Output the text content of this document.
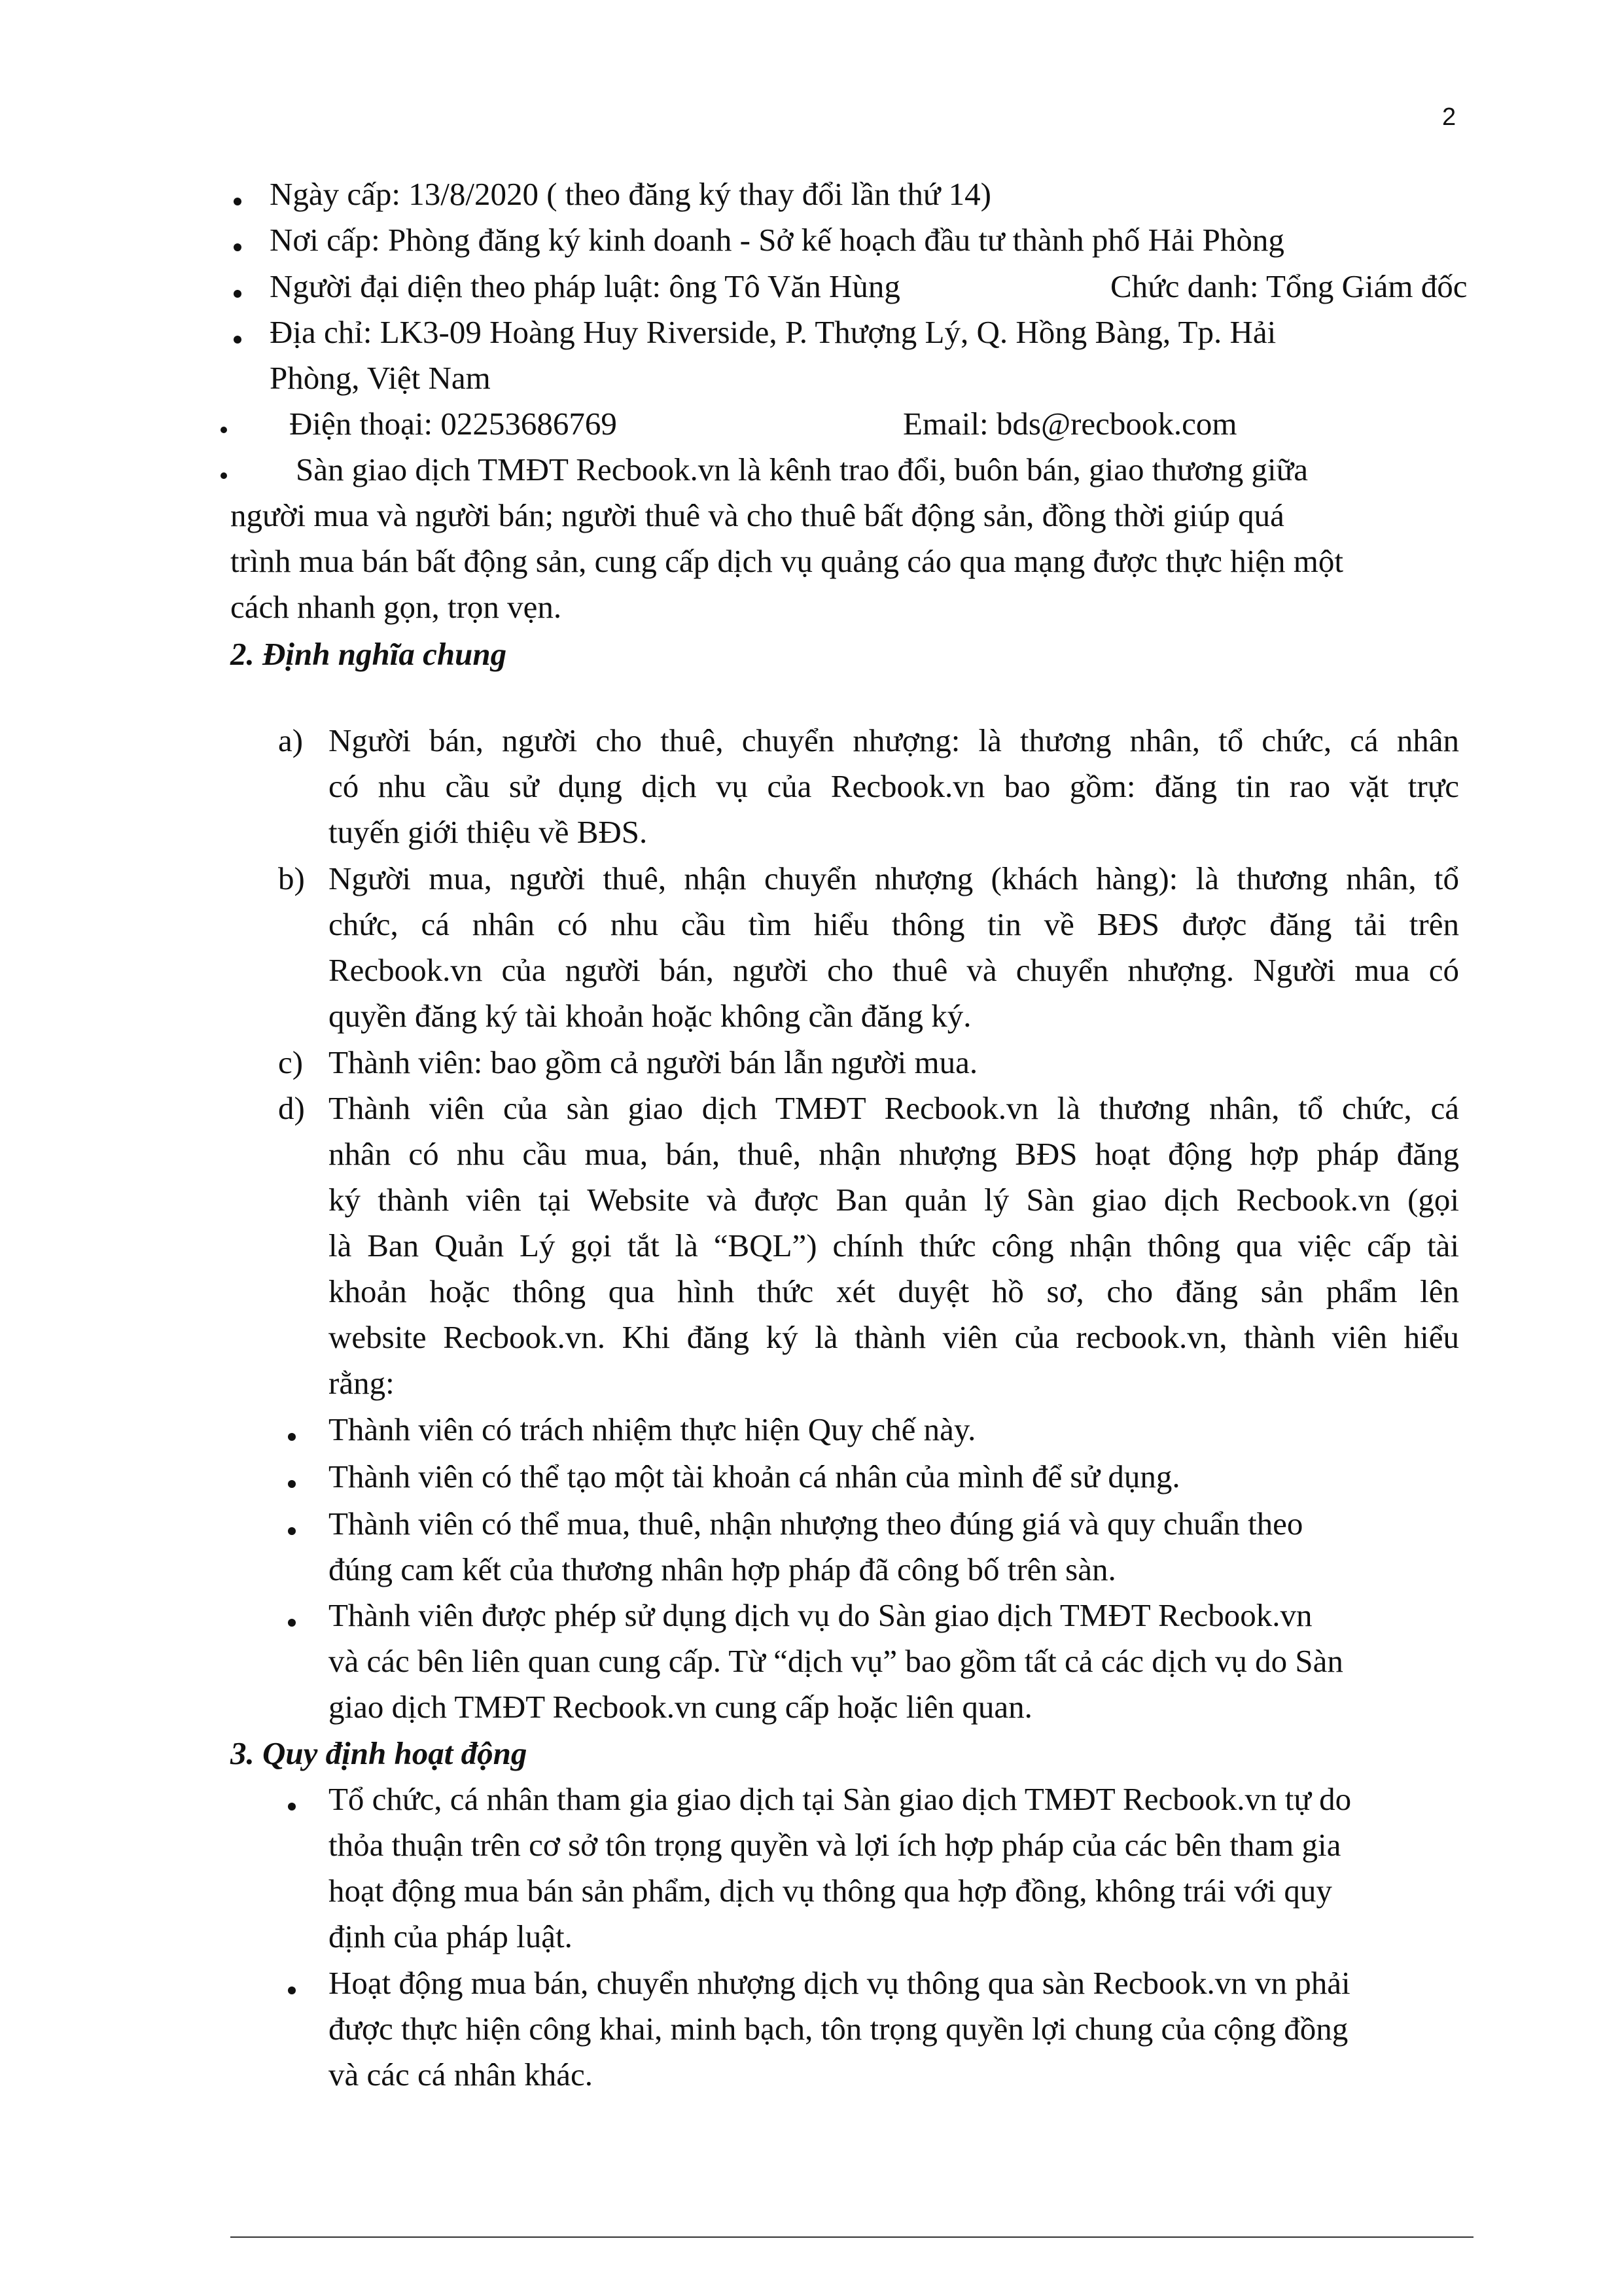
2
Ngày cấp: 13/8/2020 ( theo đăng ký thay đổi lần thứ 14)
Nơi cấp: Phòng đăng ký kinh doanh - Sở kế hoạch đầu tư thành phố Hải Phòng
Người đại diện theo pháp luật: ông Tô Văn Hùng	Chức danh: Tổng Giám đốc
Địa chỉ: LK3-09 Hoàng Huy Riverside, P. Thượng Lý, Q. Hồng Bàng, Tp. Hải
Phòng, Việt Nam
Điện thoại: 02253686769	Email: bds@recbook.com
Sàn giao dịch TMĐT Recbook.vn là kênh trao đổi, buôn bán, giao thương giữa
người mua và người bán; người thuê và cho thuê bất động sản, đồng thời giúp quá
trình mua bán bất động sản, cung cấp dịch vụ quảng cáo qua mạng được thực hiện một
cách nhanh gọn, trọn vẹn.
2. Định nghĩa chung
a) Người bán, người cho thuê, chuyển nhượng: là thương nhân, tổ chức, cá nhân
có nhu cầu sử dụng dịch vụ của Recbook.vn bao gồm: đăng tin rao vặt trực
tuyến giới thiệu về BĐS.
b) Người mua, người thuê, nhận chuyển nhượng (khách hàng): là thương nhân, tổ
chức, cá nhân có nhu cầu tìm hiểu thông tin về BĐS được đăng tải trên
Recbook.vn của người bán, người cho thuê và chuyển nhượng. Người mua có
quyền đăng ký tài khoản hoặc không cần đăng ký.
c) Thành viên: bao gồm cả người bán lẫn người mua.
d) Thành viên của sàn giao dịch TMĐT Recbook.vn là thương nhân, tổ chức, cá
nhân có nhu cầu mua, bán, thuê, nhận nhượng BĐS hoạt động hợp pháp đăng
ký thành viên tại Website và được Ban quản lý Sàn giao dịch Recbook.vn (gọi
là Ban Quản Lý gọi tắt là “BQL”) chính thức công nhận thông qua việc cấp tài
khoản hoặc thông qua hình thức xét duyệt hồ sơ, cho đăng sản phẩm lên
website Recbook.vn. Khi đăng ký là thành viên của recbook.vn, thành viên hiểu
rằng:
Thành viên có trách nhiệm thực hiện Quy chế này.
Thành viên có thể tạo một tài khoản cá nhân của mình để sử dụng.
Thành viên có thể mua, thuê, nhận nhượng theo đúng giá và quy chuẩn theo
đúng cam kết của thương nhân hợp pháp đã công bố trên sàn.
Thành viên được phép sử dụng dịch vụ do Sàn giao dịch TMĐT Recbook.vn
và các bên liên quan cung cấp. Từ “dịch vụ” bao gồm tất cả các dịch vụ do Sàn
giao dịch TMĐT Recbook.vn cung cấp hoặc liên quan.
3. Quy định hoạt động
Tổ chức, cá nhân tham gia giao dịch tại Sàn giao dịch TMĐT Recbook.vn tự do
thỏa thuận trên cơ sở tôn trọng quyền và lợi ích hợp pháp của các bên tham gia
hoạt động mua bán sản phẩm, dịch vụ thông qua hợp đồng, không trái với quy
định của pháp luật.
Hoạt động mua bán, chuyển nhượng dịch vụ thông qua sàn Recbook.vn vn phải
được thực hiện công khai, minh bạch, tôn trọng quyền lợi chung của cộng đồng
và các cá nhân khác.
